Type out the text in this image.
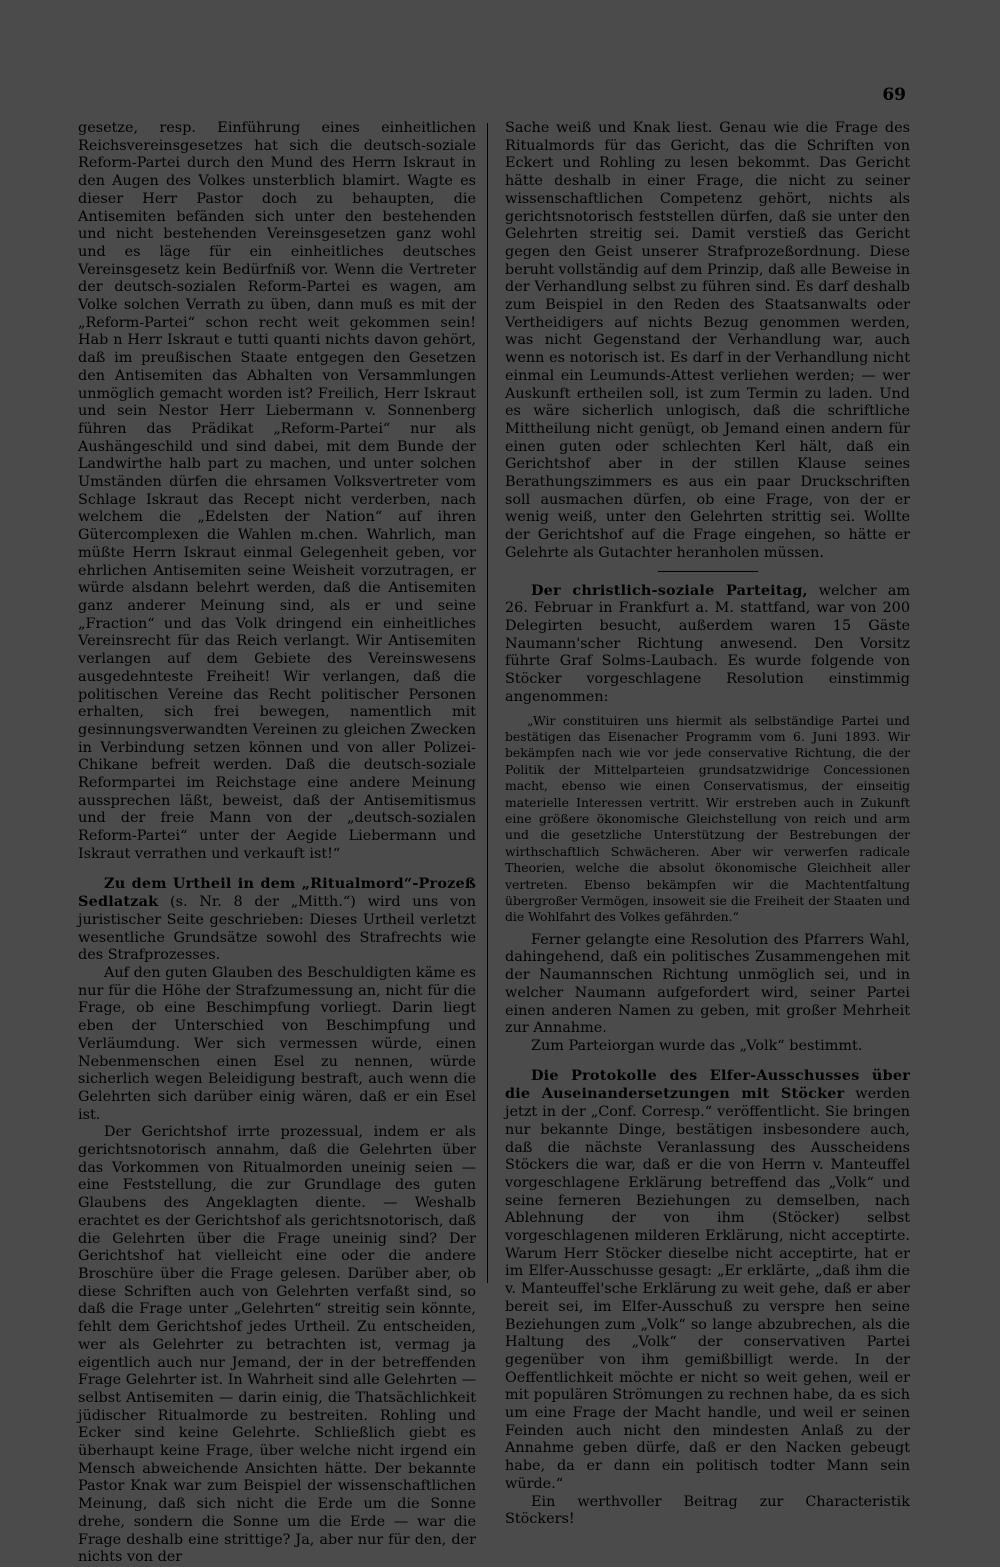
69

gesetze, resp. Einführung eines einheitlichen Reichsvereinsgesetzes hat sich die deutsch-soziale Reform-Partei durch den Mund des Herrn Iskraut in den Augen des Volkes unsterblich blamirt. Wagte es dieser Herr Pastor doch zu behaupten, die Antisemiten befänden sich unter den bestehenden und nicht bestehenden Vereinsgesetzen ganz wohl und es läge für ein einheitliches deutsches Vereinsgesetz kein Bedürfniß vor. Wenn die Vertreter der deutsch-sozialen Reform-Partei es wagen, am Volke solchen Verrath zu üben, dann muß es mit der „Reform-Partei“ schon recht weit gekommen sein! Hab n Herr Iskraut e tutti quanti nichts davon gehört, daß im preußischen Staate entgegen den Gesetzen den Antisemiten das Abhalten von Versammlungen unmöglich gemacht worden ist? Freilich, Herr Iskraut und sein Nestor Herr Liebermann v. Sonnenberg führen das Prädikat „Reform-Partei“ nur als Aushängeschild und sind dabei, mit dem Bunde der Landwirthe halb part zu machen, und unter solchen Umständen dürfen die ehrsamen Volksvertreter vom Schlage Iskraut das Recept nicht verderben, nach welchem die „Edelsten der Nation“ auf ihren Gütercomplexen die Wahlen m.chen. Wahrlich, man müßte Herrn Iskraut einmal Gelegenheit geben, vor ehrlichen Antisemiten seine Weisheit vorzutragen, er würde alsdann belehrt werden, daß die Antisemiten ganz anderer Meinung sind, als er und seine „Fraction“ und das Volk dringend ein einheitliches Vereinsrecht für das Reich verlangt. Wir Antisemiten verlangen auf dem Gebiete des Vereinswesens ausgedehnteste Freiheit! Wir verlangen, daß die politischen Vereine das Recht politischer Personen erhalten, sich frei bewegen, namentlich mit gesinnungsverwandten Vereinen zu gleichen Zwecken in Verbindung setzen können und von aller Polizei-Chikane befreit werden. Daß die deutsch-soziale Reformpartei im Reichstage eine andere Meinung aussprechen läßt, beweist, daß der Antisemitismus und der freie Mann von der „deutsch-sozialen Reform-Partei“ unter der Aegide Liebermann und Iskraut verrathen und verkauft ist!“

Zu dem Urtheil in dem „Ritualmord“-Prozeß Sedlatzak (s. Nr. 8 der „Mitth.“) wird uns von juristischer Seite geschrieben: Dieses Urtheil verletzt wesentliche Grundsätze sowohl des Strafrechts wie des Strafprozesses.

Auf den guten Glauben des Beschuldigten käme es nur für die Höhe der Strafzumessung an, nicht für die Frage, ob eine Beschimpfung vorliegt. Darin liegt eben der Unterschied von Beschimpfung und Verläumdung. Wer sich vermessen würde, einen Nebenmenschen einen Esel zu nennen, würde sicherlich wegen Beleidigung bestraft, auch wenn die Gelehrten sich darüber einig wären, daß er ein Esel ist.

Der Gerichtshof irrte prozessual, indem er als gerichtsnotorisch annahm, daß die Gelehrten über das Vorkommen von Ritualmorden uneinig seien — eine Feststellung, die zur Grundlage des guten Glaubens des Angeklagten diente. — Weshalb erachtet es der Gerichtshof als gerichtsnotorisch, daß die Gelehrten über die Frage uneinig sind? Der Gerichtshof hat vielleicht eine oder die andere Broschüre über die Frage gelesen. Darüber aber, ob diese Schriften auch von Gelehrten verfaßt sind, so daß die Frage unter „Gelehrten“ streitig sein könnte, fehlt dem Gerichtshof jedes Urtheil. Zu entscheiden, wer als Gelehrter zu betrachten ist, vermag ja eigentlich auch nur Jemand, der in der betreffenden Frage Gelehrter ist. In Wahrheit sind alle Gelehrten — selbst Antisemiten — darin einig, die Thatsächlichkeit jüdischer Ritualmorde zu bestreiten. Rohling und Ecker sind keine Gelehrte. Schließlich giebt es überhaupt keine Frage, über welche nicht irgend ein Mensch abweichende Ansichten hätte. Der bekannte Pastor Knak war zum Beispiel der wissenschaftlichen Meinung, daß sich nicht die Erde um die Sonne drehe, sondern die Sonne um die Erde — war die Frage deshalb eine strittige? Ja, aber nur für den, der nichts von der

Sache weiß und Knak liest. Genau wie die Frage des Ritualmords für das Gericht, das die Schriften von Eckert und Rohling zu lesen bekommt. Das Gericht hätte deshalb in einer Frage, die nicht zu seiner wissenschaftlichen Competenz gehört, nichts als gerichtsnotorisch feststellen dürfen, daß sie unter den Gelehrten streitig sei. Damit verstieß das Gericht gegen den Geist unserer Strafprozeßordnung. Diese beruht vollständig auf dem Prinzip, daß alle Beweise in der Verhandlung selbst zu führen sind. Es darf deshalb zum Beispiel in den Reden des Staatsanwalts oder Vertheidigers auf nichts Bezug genommen werden, was nicht Gegenstand der Verhandlung war, auch wenn es notorisch ist. Es darf in der Verhandlung nicht einmal ein Leumunds-Attest verliehen werden; — wer Auskunft ertheilen soll, ist zum Termin zu laden. Und es wäre sicherlich unlogisch, daß die schriftliche Mittheilung nicht genügt, ob Jemand einen andern für einen guten oder schlechten Kerl hält, daß ein Gerichtshof aber in der stillen Klause seines Berathungszimmers es aus ein paar Druckschriften soll ausmachen dürfen, ob eine Frage, von der er wenig weiß, unter den Gelehrten strittig sei. Wollte der Gerichtshof auf die Frage eingehen, so hätte er Gelehrte als Gutachter heranholen müssen.

Der christlich-soziale Parteitag, welcher am 26. Februar in Frankfurt a. M. stattfand, war von 200 Delegirten besucht, außerdem waren 15 Gäste Naumann'scher Richtung anwesend. Den Vorsitz führte Graf Solms-Laubach. Es wurde folgende von Stöcker vorgeschlagene Resolution einstimmig angenommen:

„Wir constituiren uns hiermit als selbständige Partei und bestätigen das Eisenacher Programm vom 6. Juni 1893. Wir bekämpfen nach wie vor jede conservative Richtung, die der Politik der Mittelparteien grundsatzwidrige Concessionen macht, ebenso wie einen Conservatismus, der einseitig materielle Interessen vertritt. Wir erstreben auch in Zukunft eine größere ökonomische Gleichstellung von reich und arm und die gesetzliche Unterstützung der Bestrebungen der wirthschaftlich Schwächeren. Aber wir verwerfen radicale Theorien, welche die absolut ökonomische Gleichheit aller vertreten. Ebenso bekämpfen wir die Machtentfaltung übergroßer Vermögen, insoweit sie die Freiheit der Staaten und die Wohlfahrt des Volkes gefährden.“

Ferner gelangte eine Resolution des Pfarrers Wahl, dahingehend, daß ein politisches Zusammengehen mit der Naumannschen Richtung unmöglich sei, und in welcher Naumann aufgefordert wird, seiner Partei einen anderen Namen zu geben, mit großer Mehrheit zur Annahme.

Zum Parteiorgan wurde das „Volk“ bestimmt.

Die Protokolle des Elfer-Ausschusses über die Auseinandersetzungen mit Stöcker werden jetzt in der „Conf. Corresp.“ veröffentlicht. Sie bringen nur bekannte Dinge, bestätigen insbesondere auch, daß die nächste Veranlassung des Ausscheidens Stöckers die war, daß er die von Herrn v. Manteuffel vorgeschlagene Erklärung betreffend das „Volk“ und seine ferneren Beziehungen zu demselben, nach Ablehnung der von ihm (Stöcker) selbst vorgeschlagenen milderen Erklärung, nicht acceptirte. Warum Herr Stöcker dieselbe nicht acceptirte, hat er im Elfer-Ausschusse gesagt: „Er erklärte, „daß ihm die v. Manteuffel'sche Erklärung zu weit gehe, daß er aber bereit sei, im Elfer-Ausschuß zu verspre hen seine Beziehungen zum „Volk“ so lange abzubrechen, als die Haltung des „Volk“ der conservativen Partei gegenüber von ihm gemißbilligt werde. In der Oeffentlichkeit möchte er nicht so weit gehen, weil er mit populären Strömungen zu rechnen habe, da es sich um eine Frage der Macht handle, und weil er seinen Feinden auch nicht den mindesten Anlaß zu der Annahme geben dürfe, daß er den Nacken gebeugt habe, da er dann ein politisch todter Mann sein würde.“

Ein werthvoller Beitrag zur Characteristik Stöckers!
